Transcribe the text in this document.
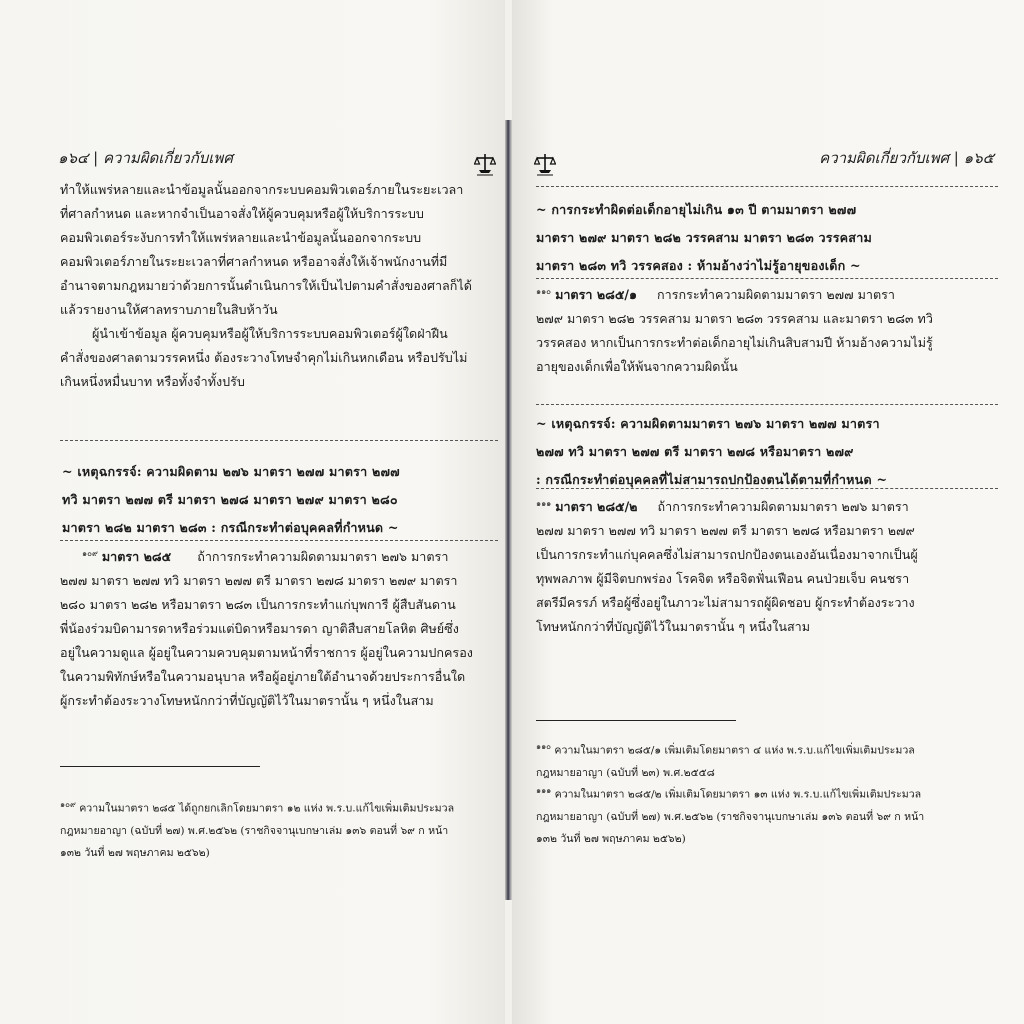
๑๖๔ | ความผิดเกี่ยวกับเพศ

ทำให้แพร่หลายและนำข้อมูลนั้นออกจากระบบคอมพิวเตอร์ภายในระยะเวลา

ที่ศาลกำหนด และหากจำเป็นอาจสั่งให้ผู้ควบคุมหรือผู้ให้บริการระบบ

คอมพิวเตอร์ระงับการทำให้แพร่หลายและนำข้อมูลนั้นออกจากระบบ

คอมพิวเตอร์ภายในระยะเวลาที่ศาลกำหนด หรืออาจสั่งให้เจ้าพนักงานที่มี

อำนาจตามกฎหมายว่าด้วยการนั้นดำเนินการให้เป็นไปตามคำสั่งของศาลก็ได้

แล้วรายงานให้ศาลทราบภายในสิบห้าวัน

ผู้นำเข้าข้อมูล ผู้ควบคุมหรือผู้ให้บริการระบบคอมพิวเตอร์ผู้ใดฝ่าฝืน

คำสั่งของศาลตามวรรคหนึ่ง ต้องระวางโทษจำคุกไม่เกินหกเดือน หรือปรับไม่

เกินหนึ่งหมื่นบาท หรือทั้งจำทั้งปรับ

~ เหตุฉกรรจ์: ความผิดตาม ๒๗๖ มาตรา ๒๗๗ มาตรา ๒๗๗
ทวิ มาตรา ๒๗๗ ตรี มาตรา ๒๗๘ มาตรา ๒๗๙ มาตรา ๒๘๐
มาตรา ๒๘๒ มาตรา ๒๘๓ : กรณีกระทำต่อบุคคลที่กำหนด ~

$^{๑๐๙}$ มาตรา ๒๘๕ ถ้าการกระทำความผิดตามมาตรา ๒๗๖ มาตรา

๒๗๗ มาตรา ๒๗๗ ทวิ มาตรา ๒๗๗ ตรี มาตรา ๒๗๘ มาตรา ๒๗๙ มาตรา

๒๘๐ มาตรา ๒๘๒ หรือมาตรา ๒๘๓ เป็นการกระทำแก่บุพการี ผู้สืบสันดาน

พี่น้องร่วมบิดามารดาหรือร่วมแต่บิดาหรือมารดา ญาติสืบสายโลหิต ศิษย์ซึ่ง

อยู่ในความดูแล ผู้อยู่ในความควบคุมตามหน้าที่ราชการ ผู้อยู่ในความปกครอง

ในความพิทักษ์หรือในความอนุบาล หรือผู้อยู่ภายใต้อำนาจด้วยประการอื่นใด

ผู้กระทำต้องระวางโทษหนักกว่าที่บัญญัติไว้ในมาตรานั้น ๆ หนึ่งในสาม

$^{๑๐๙}$ ความในมาตรา ๒๘๕ ได้ถูกยกเลิกโดยมาตรา ๑๒ แห่ง พ.ร.บ.แก้ไขเพิ่มเติมประมวล

กฎหมายอาญา (ฉบับที่ ๒๗) พ.ศ.๒๕๖๒ (ราชกิจจานุเบกษาเล่ม ๑๓๖ ตอนที่ ๖๙ ก หน้า

๑๓๒ วันที่ ๒๗ พฤษภาคม ๒๕๖๒)

ความผิดเกี่ยวกับเพศ | ๑๖๕
~ การกระทำผิดต่อเด็กอายุไม่เกิน ๑๓ ปี ตามมาตรา ๒๗๗
มาตรา ๒๗๙ มาตรา ๒๘๒ วรรคสาม มาตรา ๒๘๓ วรรคสาม
มาตรา ๒๘๓ ทวิ วรรคสอง : ห้ามอ้างว่าไม่รู้อายุของเด็ก ~

$^{๑๑๐}$ มาตรา ๒๘๕/๑ การกระทำความผิดตามมาตรา ๒๗๗ มาตรา

๒๗๙ มาตรา ๒๘๒ วรรคสาม มาตรา ๒๘๓ วรรคสาม และมาตรา ๒๘๓ ทวิ

วรรคสอง หากเป็นการกระทำต่อเด็กอายุไม่เกินสิบสามปี ห้ามอ้างความไม่รู้

อายุของเด็กเพื่อให้พ้นจากความผิดนั้น

~ เหตุฉกรรจ์: ความผิดตามมาตรา ๒๗๖ มาตรา ๒๗๗ มาตรา
๒๗๗ ทวิ มาตรา ๒๗๗ ตรี มาตรา ๒๗๘ หรือมาตรา ๒๗๙
: กรณีกระทำต่อบุคคลที่ไม่สามารถปกป้องตนได้ตามที่กำหนด ~

$^{๑๑๑}$ มาตรา ๒๘๕/๒ ถ้าการกระทำความผิดตามมาตรา ๒๗๖ มาตรา

๒๗๗ มาตรา ๒๗๗ ทวิ มาตรา ๒๗๗ ตรี มาตรา ๒๗๘ หรือมาตรา ๒๗๙

เป็นการกระทำแก่บุคคลซึ่งไม่สามารถปกป้องตนเองอันเนื่องมาจากเป็นผู้

ทุพพลภาพ ผู้มีจิตบกพร่อง โรคจิต หรือจิตฟั่นเฟือน คนป่วยเจ็บ คนชรา

สตรีมีครรภ์ หรือผู้ซึ่งอยู่ในภาวะไม่สามารถผู้ผิดชอบ ผู้กระทำต้องระวาง

โทษหนักกว่าที่บัญญัติไว้ในมาตรานั้น ๆ หนึ่งในสาม

$^{๑๑๐}$ ความในมาตรา ๒๘๕/๑ เพิ่มเติมโดยมาตรา ๔ แห่ง พ.ร.บ.แก้ไขเพิ่มเติมประมวล

กฎหมายอาญา (ฉบับที่ ๒๓) พ.ศ.๒๕๕๘

$^{๑๑๑}$ ความในมาตรา ๒๘๕/๒ เพิ่มเติมโดยมาตรา ๑๓ แห่ง พ.ร.บ.แก้ไขเพิ่มเติมประมวล

กฎหมายอาญา (ฉบับที่ ๒๗) พ.ศ.๒๕๖๒ (ราชกิจจานุเบกษาเล่ม ๑๓๖ ตอนที่ ๖๙ ก หน้า

๑๓๒ วันที่ ๒๗ พฤษภาคม ๒๕๖๒)
